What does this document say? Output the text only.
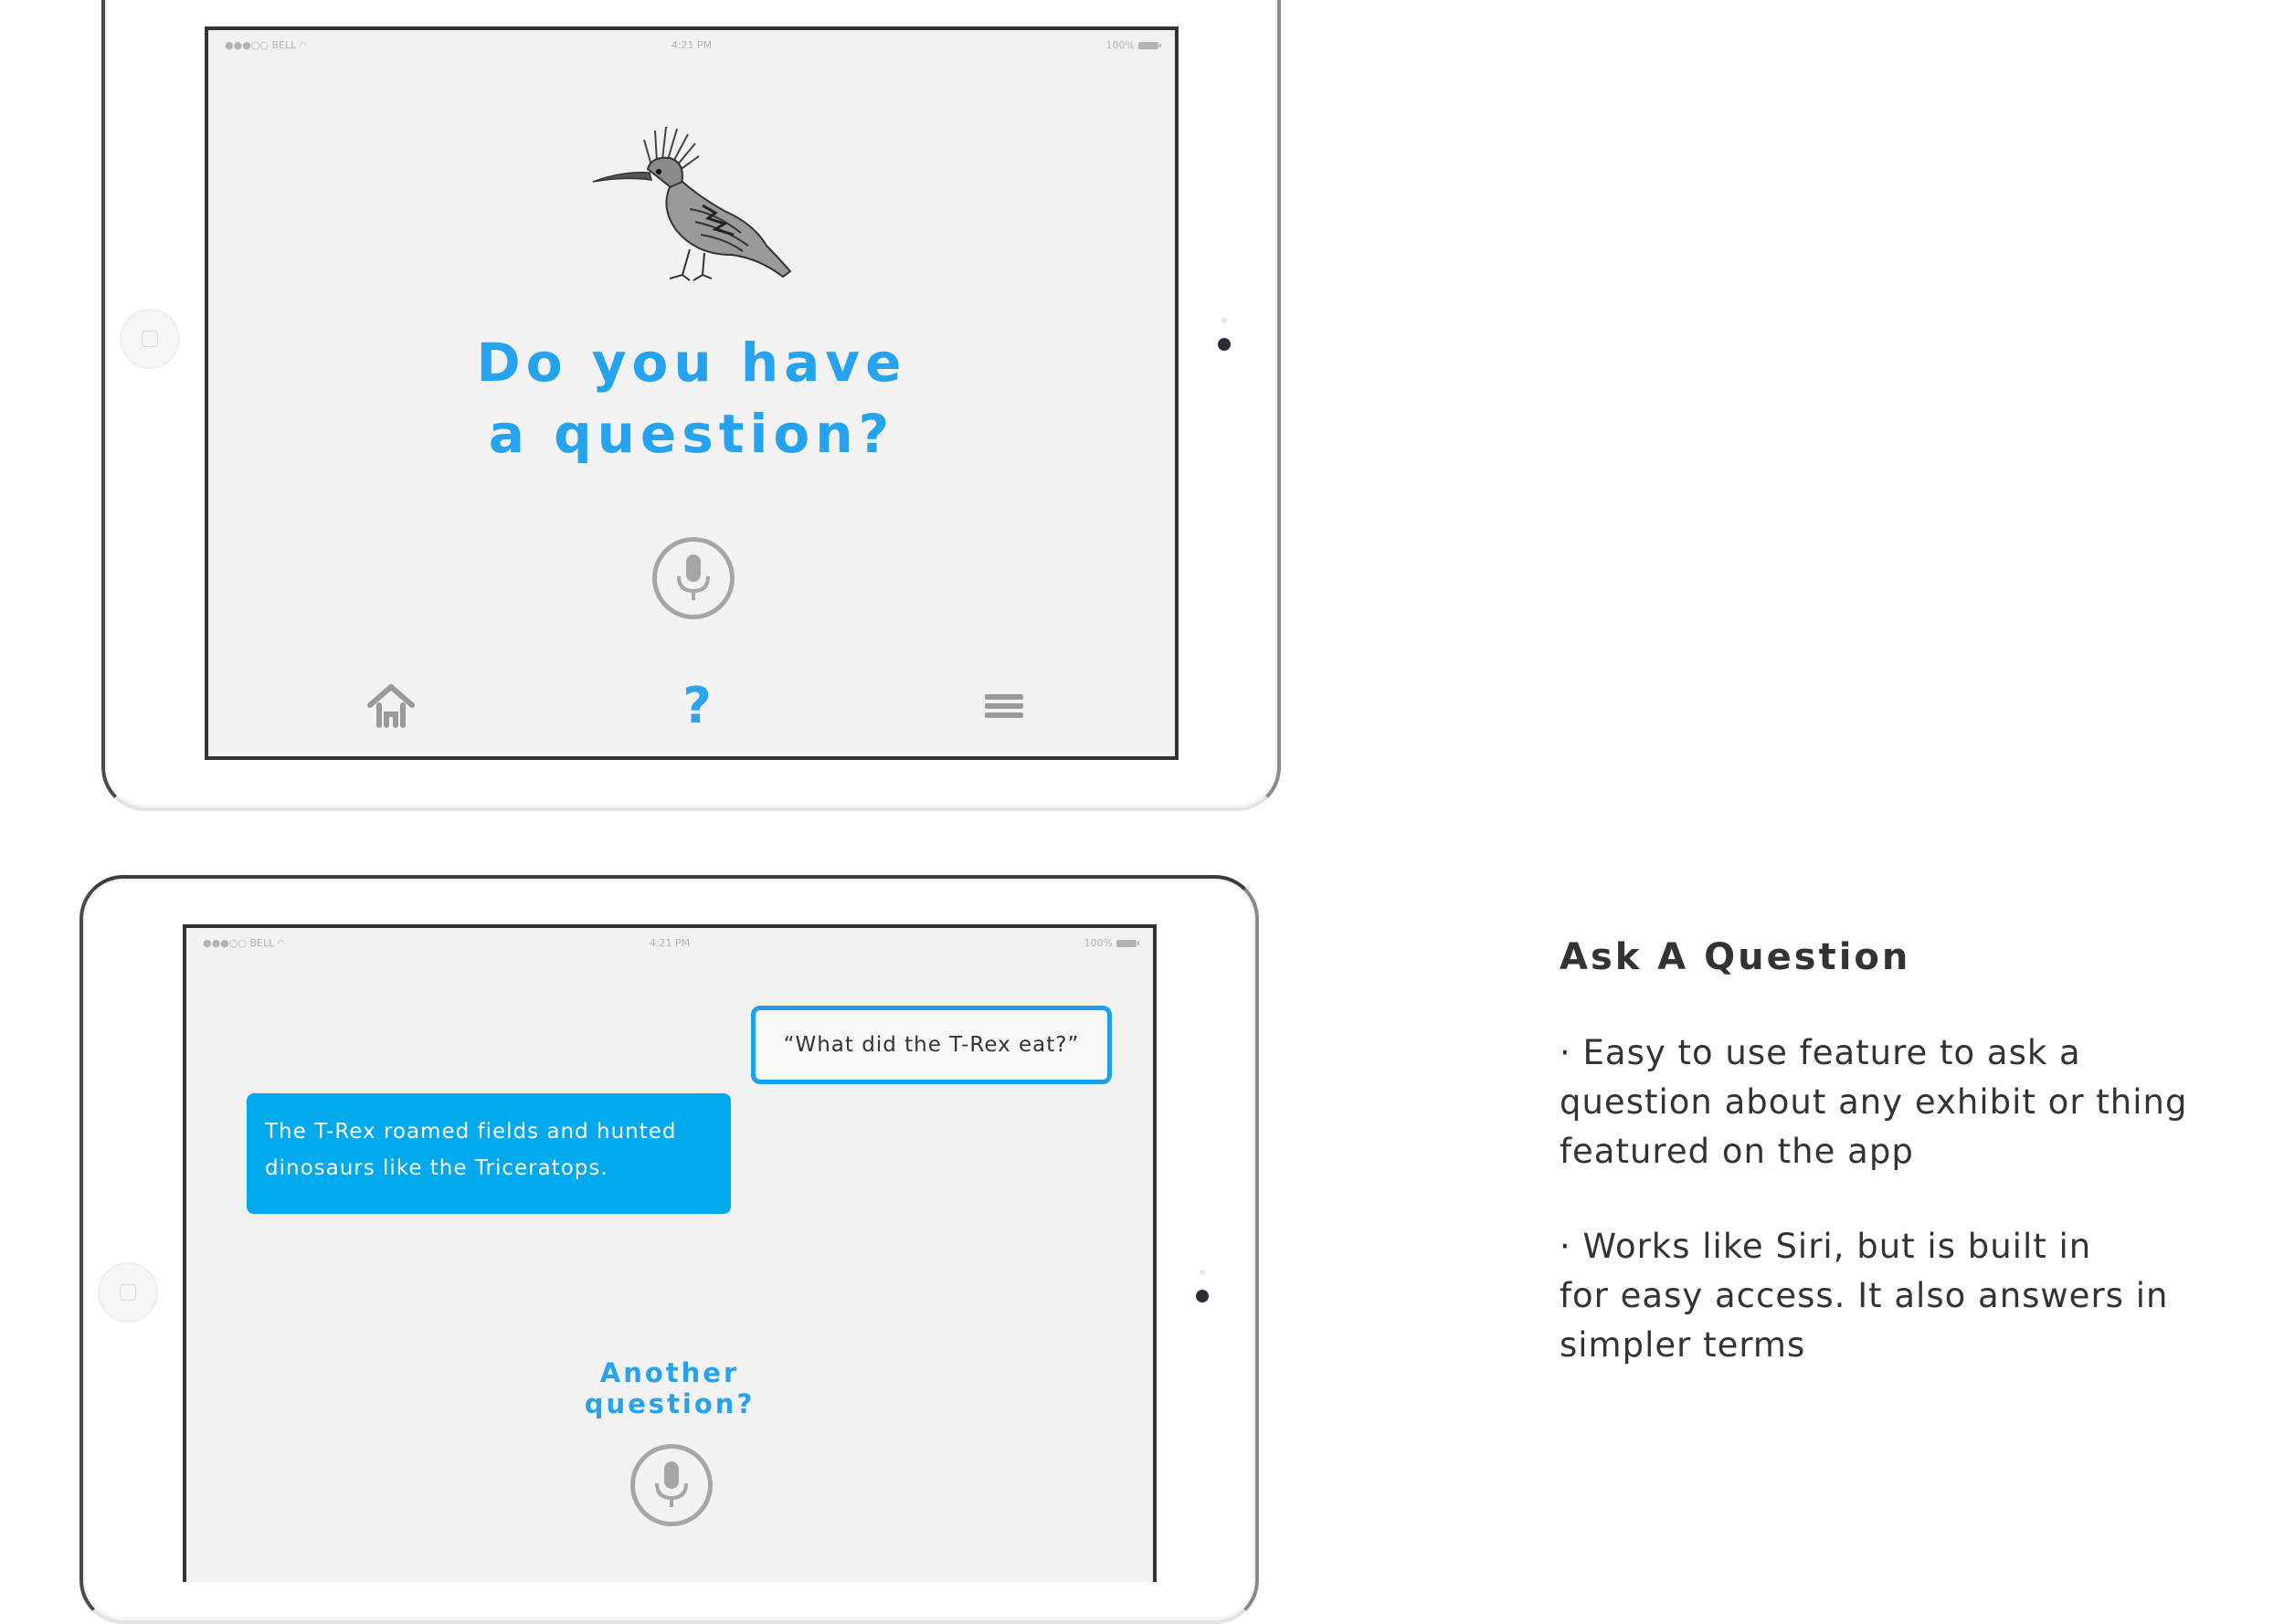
●●●○○ BELL ◠	4:21 PM	100%
Do you have
a question?
?
●●●○○ BELL ◠	4:21 PM	100%
“What did the T-Rex eat?”
The T-Rex roamed fields and hunted
dinosaurs like the Triceratops.
Another
question?
Ask A Question

· Easy to use feature to ask a
question about any exhibit or thing
featured on the app

· Works like Siri, but is built in
for easy access. It also answers in
simpler terms
